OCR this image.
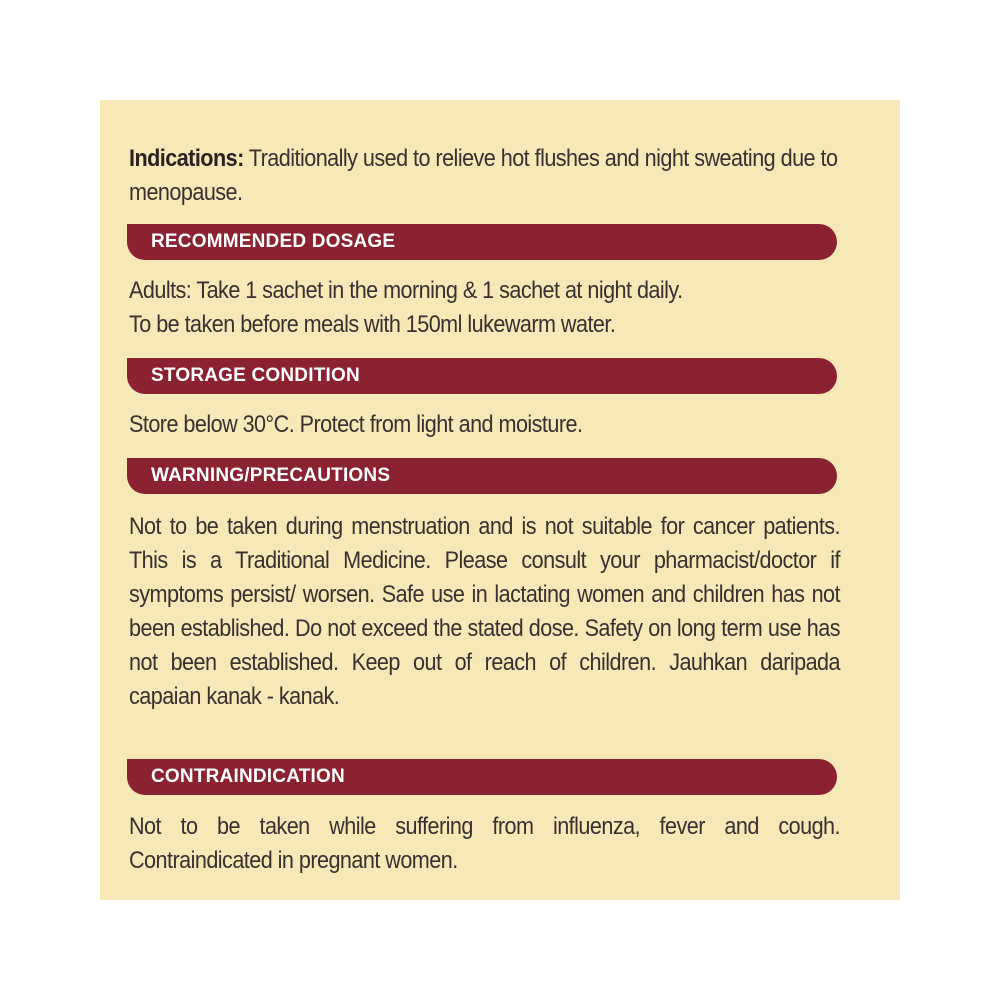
Indications: Traditionally used to relieve hot flushes and night sweating due to menopause.

RECOMMENDED DOSAGE

Adults: Take 1 sachet in the morning & 1 sachet at night daily.

To be taken before meals with 150ml lukewarm water.

STORAGE CONDITION

Store below 30°C. Protect from light and moisture.

WARNING/PRECAUTIONS

Not to be taken during menstruation and is not suitable for cancer patients. This is a Traditional Medicine. Please consult your pharmacist/doctor if symptoms persist/ worsen. Safe use in lactating women and children has not been established. Do not exceed the stated dose. Safety on long term use has not been established. Keep out of reach of children. Jauhkan daripada capaian kanak - kanak.

CONTRAINDICATION

Not to be taken while suffering from influenza, fever and cough. Contraindicated in pregnant women.
